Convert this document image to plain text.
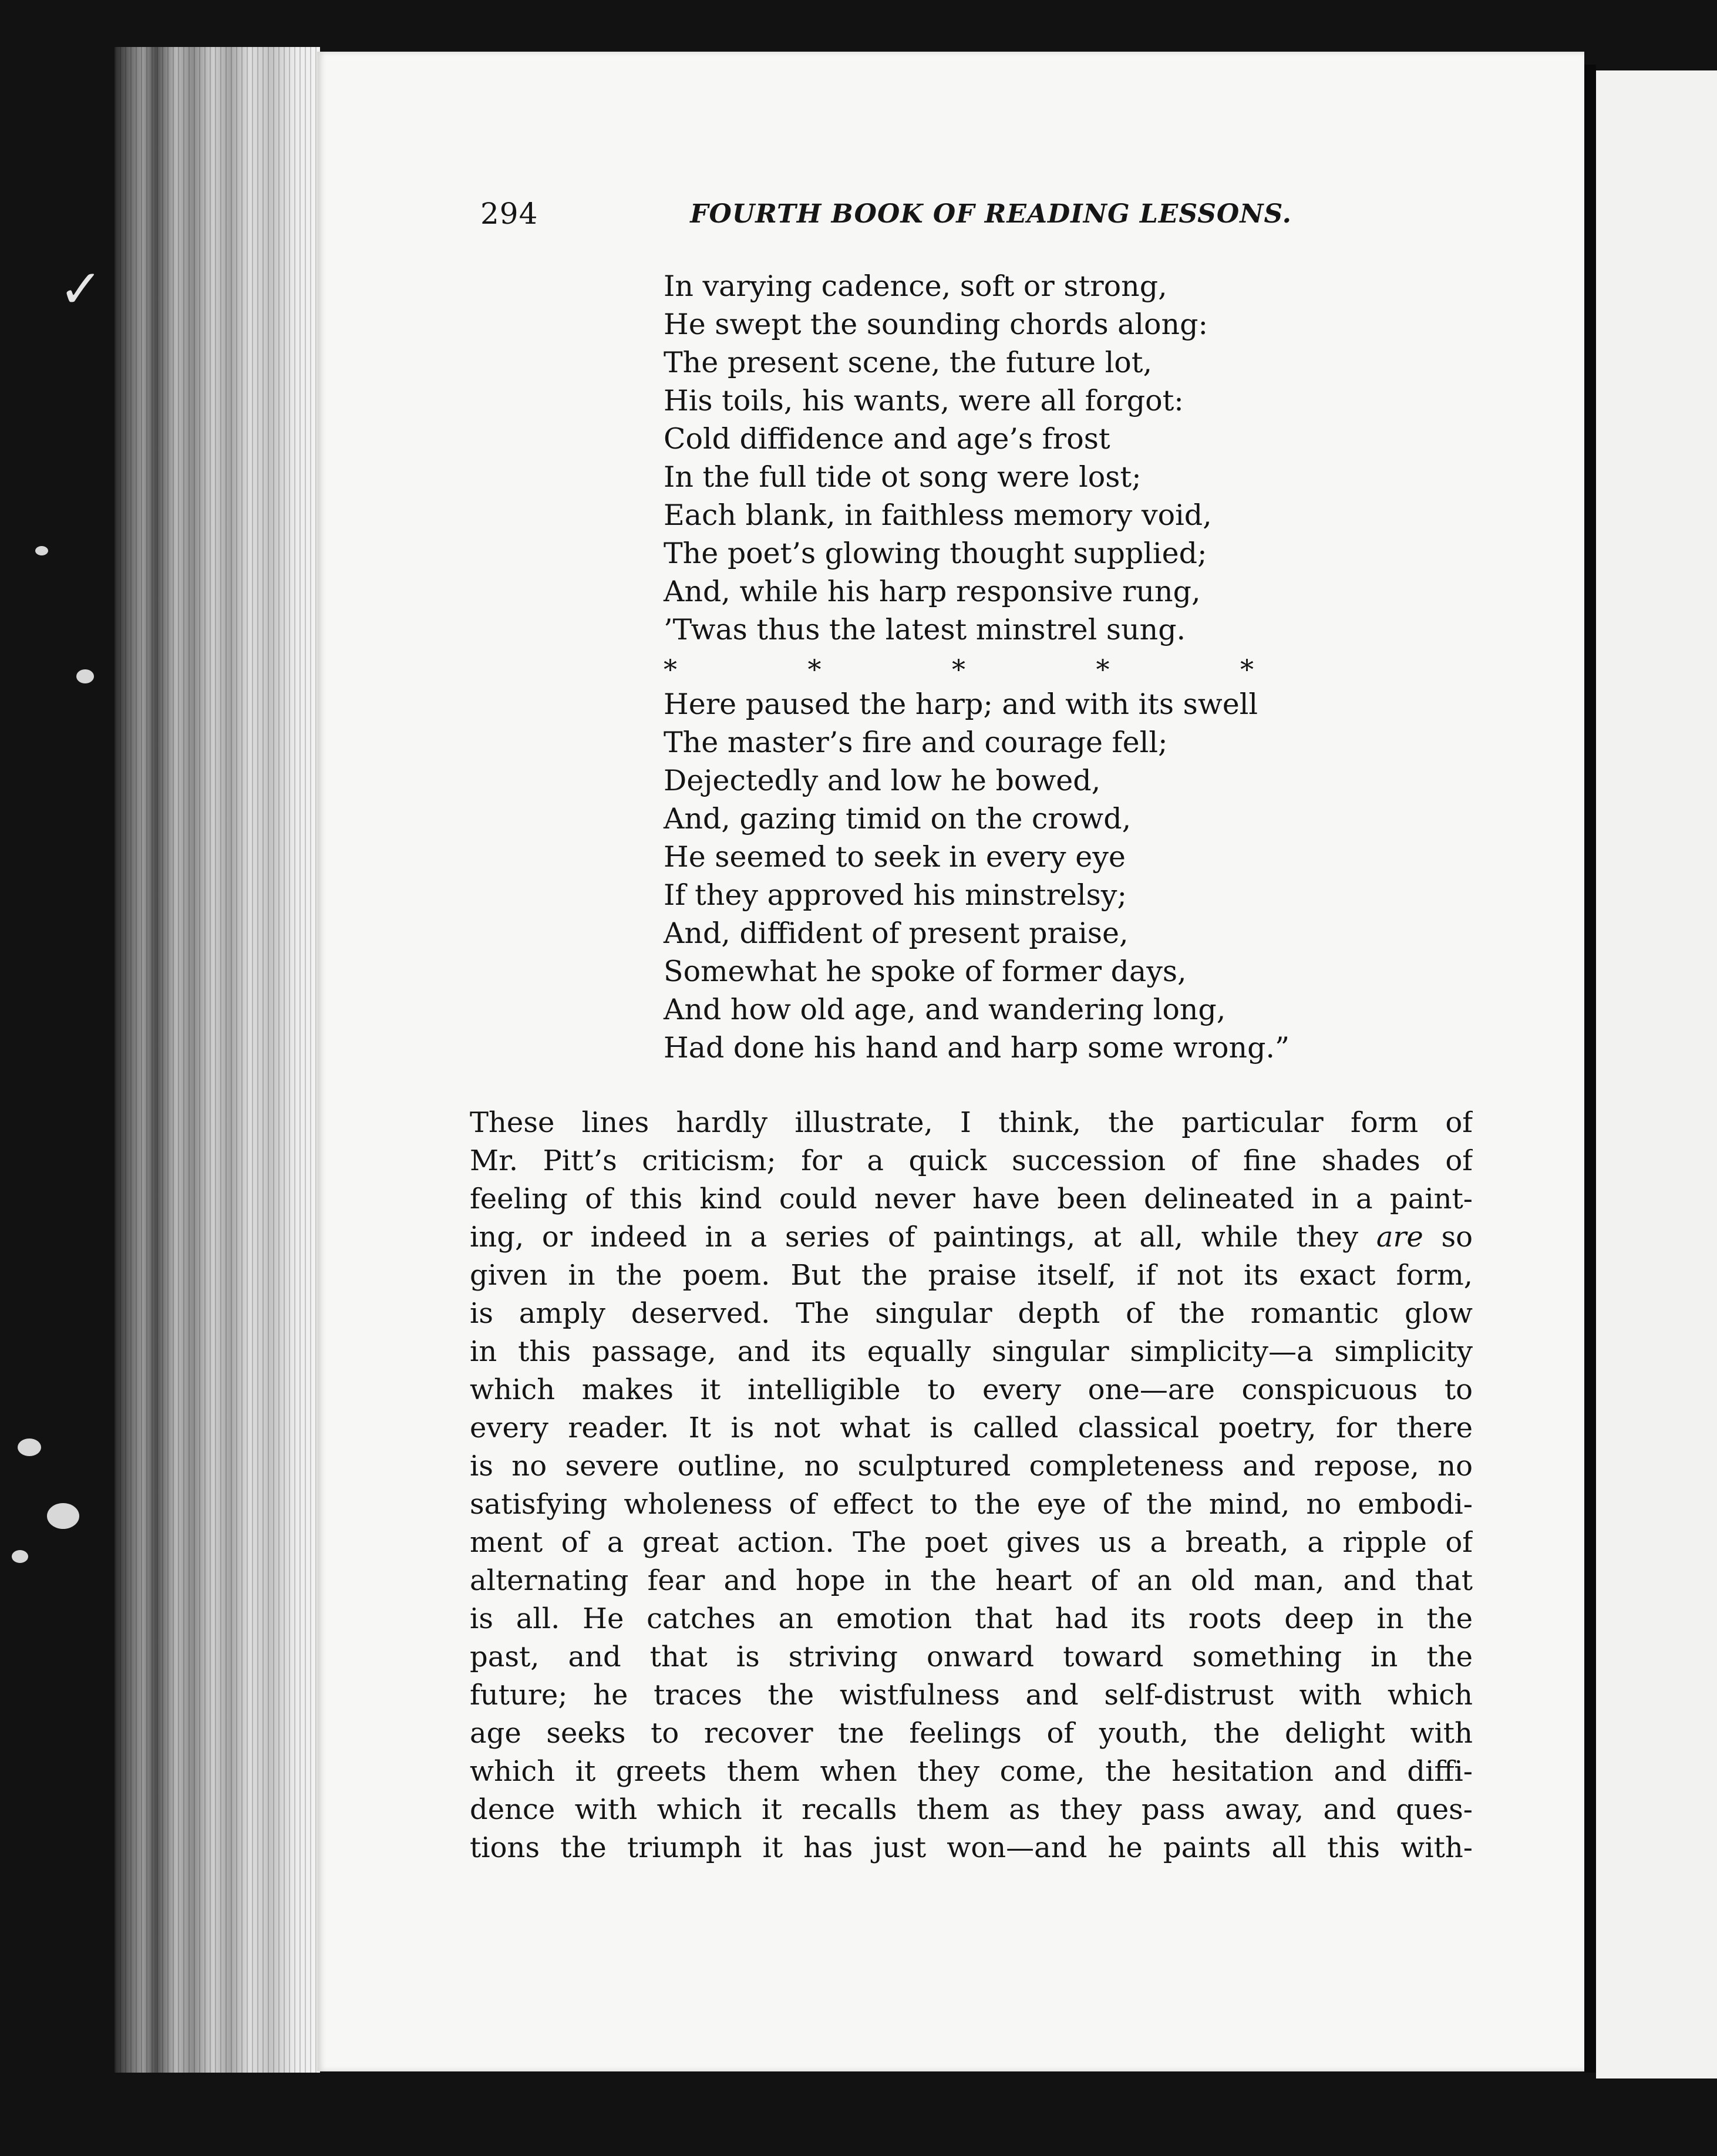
✓
294	FOURTH BOOK OF READING LESSONS.
In varying cadence, soft or strong,
He swept the sounding chords along:
The present scene, the future lot,
His toils, his wants, were all forgot:
Cold diffidence and age’s frost
In the full tide ot song were lost;
Each blank, in faithless memory void,
The poet’s glowing thought supplied;
And, while his harp responsive rung,
’Twas thus the latest minstrel sung.
*	*	*	*	*
Here paused the harp; and with its swell
The master’s fire and courage fell;
Dejectedly and low he bowed,
And, gazing timid on the crowd,
He seemed to seek in every eye
If they approved his minstrelsy;
And, diffident of present praise,
Somewhat he spoke of former days,
And how old age, and wandering long,
Had done his hand and harp some wrong.”
These lines hardly illustrate, I think, the particular form of
Mr. Pitt’s criticism; for a quick succession of fine shades of
feeling of this kind could never have been delineated in a paint-
ing, or indeed in a series of paintings, at all, while they are so
given in the poem. But the praise itself, if not its exact form,
is amply deserved. The singular depth of the romantic glow
in this passage, and its equally singular simplicity—a simplicity
which makes it intelligible to every one—are conspicuous to
every reader. It is not what is called classical poetry, for there
is no severe outline, no sculptured completeness and repose, no
satisfying wholeness of effect to the eye of the mind, no embodi-
ment of a great action. The poet gives us a breath, a ripple of
alternating fear and hope in the heart of an old man, and that
is all. He catches an emotion that had its roots deep in the
past, and that is striving onward toward something in the
future; he traces the wistfulness and self-distrust with which
age seeks to recover tne feelings of youth, the delight with
which it greets them when they come, the hesitation and diffi-
dence with which it recalls them as they pass away, and ques-
tions the triumph it has just won—and he paints all this with-
